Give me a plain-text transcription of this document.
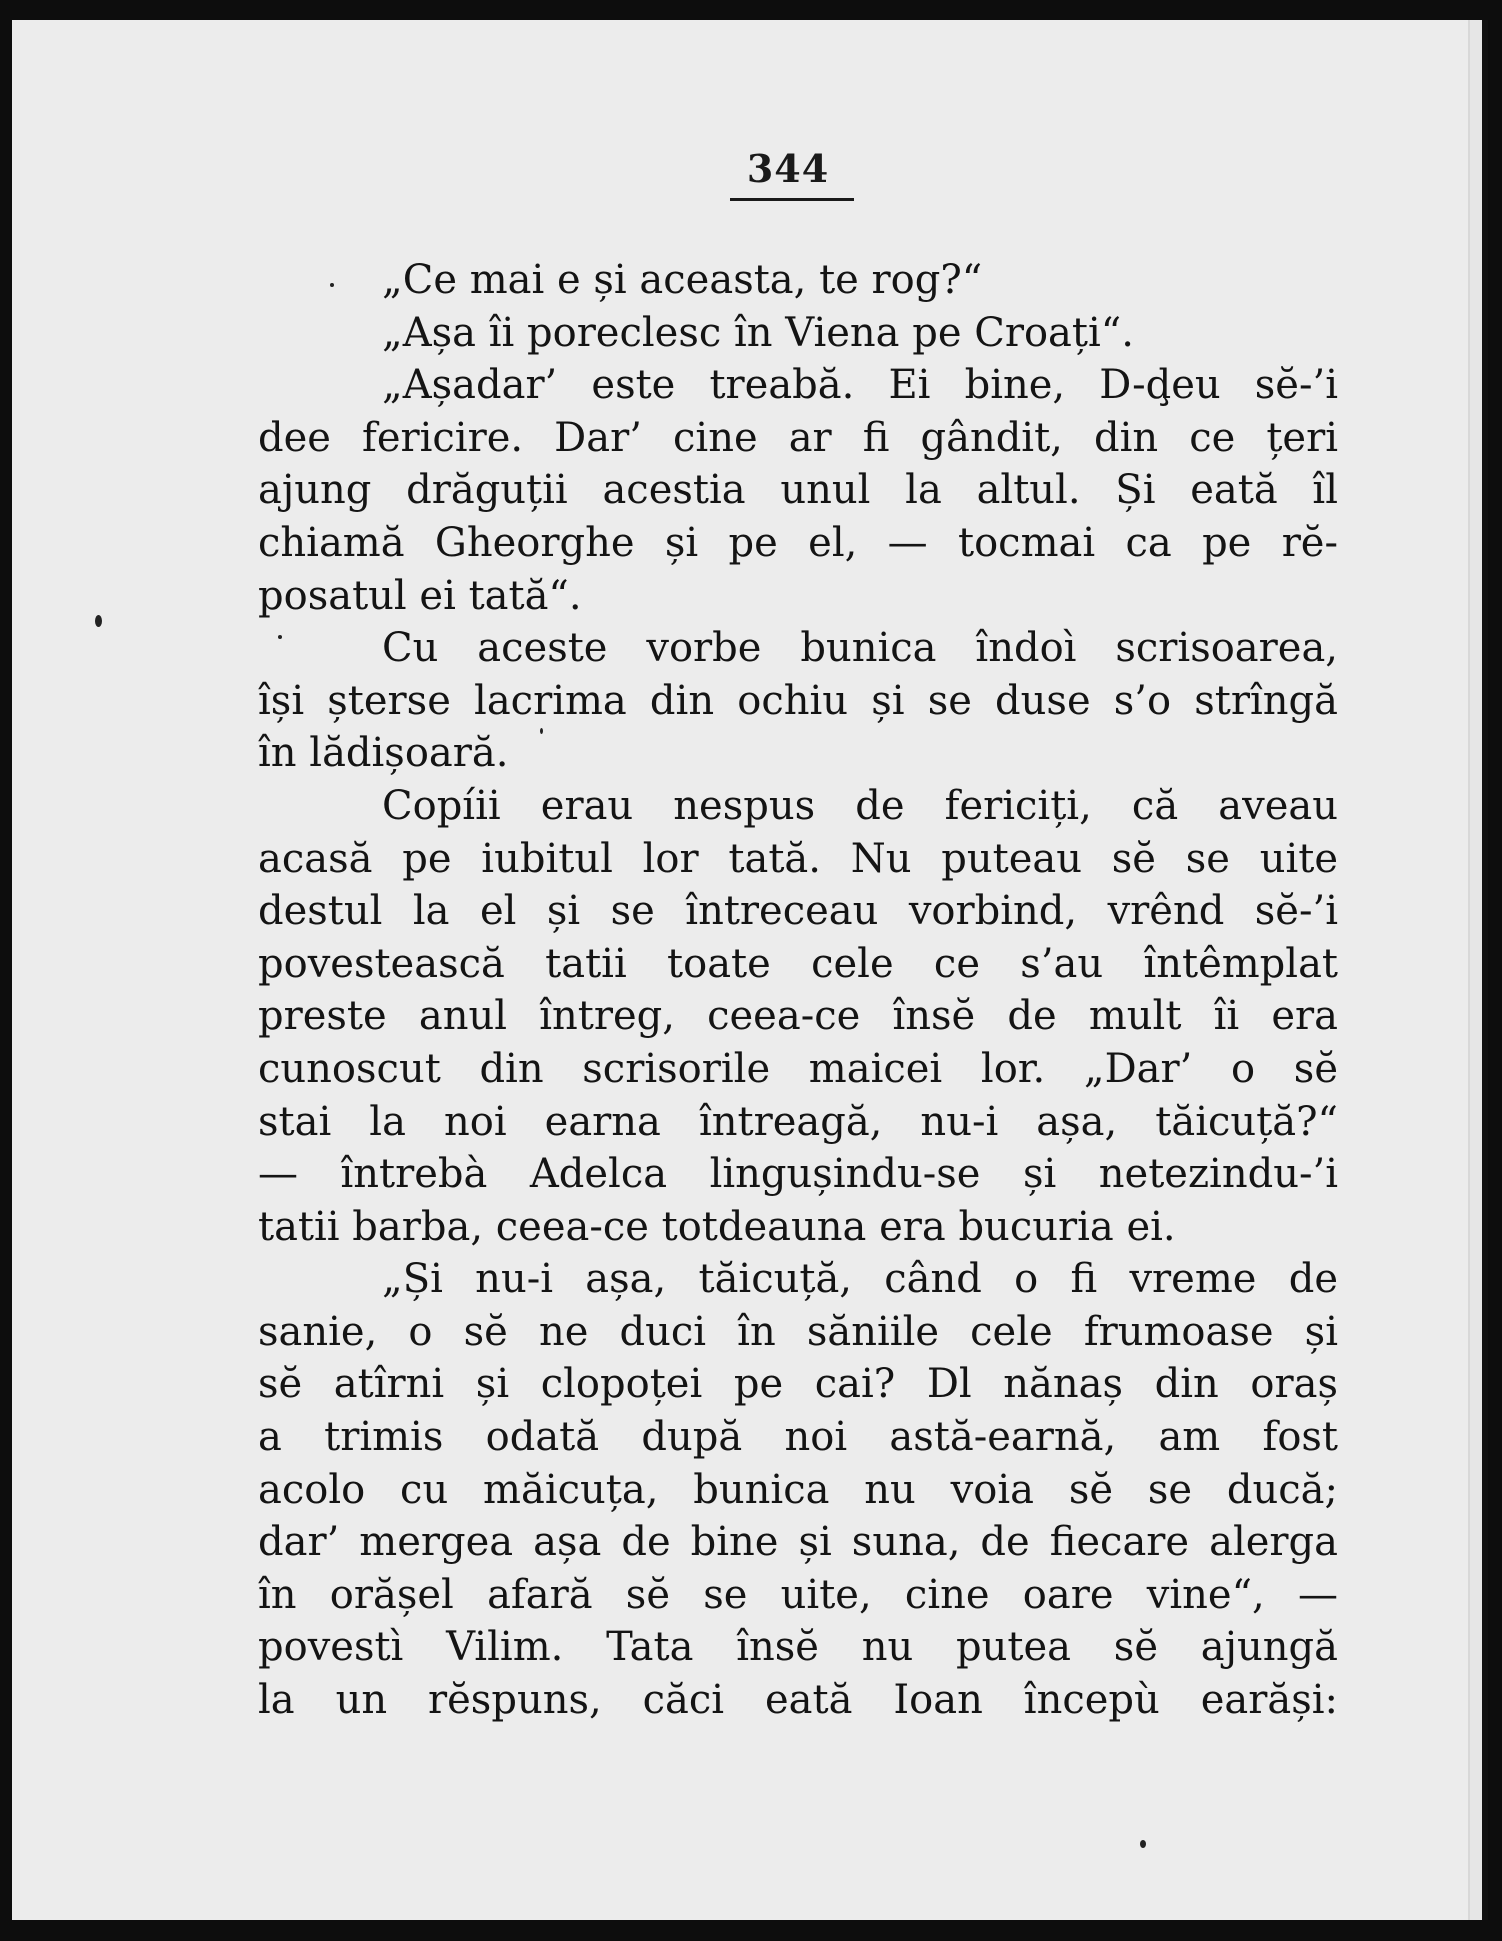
344
„Ce mai e și aceasta, te rog?“
„Așa îi poreclesc în Viena pe Croați“.
„Așadar’ este treabă. Ei bine, D-ḑeu sĕ-’i
dee fericire. Dar’ cine ar fi gândit, din ce țeri
ajung drăguții acestia unul la altul. Și eată îl
chiamă Gheorghe și pe el, — tocmai ca pe rĕ-
posatul ei tată“.
Cu aceste vorbe bunica îndoì scrisoarea,
își șterse lacrima din ochiu și se duse s’o strîngă
în lădișoară.
Copíii erau nespus de fericiți, că aveau
acasă pe iubitul lor tată. Nu puteau sĕ se uite
destul la el și se întreceau vorbind, vrênd sĕ-’i
povestească tatii toate cele ce s’au întêmplat
preste anul întreg, ceea-ce însĕ de mult îi era
cunoscut din scrisorile maicei lor. „Dar’ o sĕ
stai la noi earna întreagă, nu-i așa, tăicuță?“
— întrebà Adelca lingușindu-se și netezindu-’i
tatii barba, ceea-ce totdeauna era bucuria ei.
„Și nu-i așa, tăicuță, când o fi vreme de
sanie, o sĕ ne duci în săniile cele frumoase și
sĕ atîrni și clopoței pe cai? Dl nănaș din oraș
a trimis odată după noi astă-earnă, am fost
acolo cu măicuța, bunica nu voia sĕ se ducă;
dar’ mergea așa de bine și suna, de fiecare alerga
în orășel afară sĕ se uite, cine oare vine“, —
povestì Vilim. Tata însĕ nu putea sĕ ajungă
la un rĕspuns, căci eată Ioan începù earăși:
